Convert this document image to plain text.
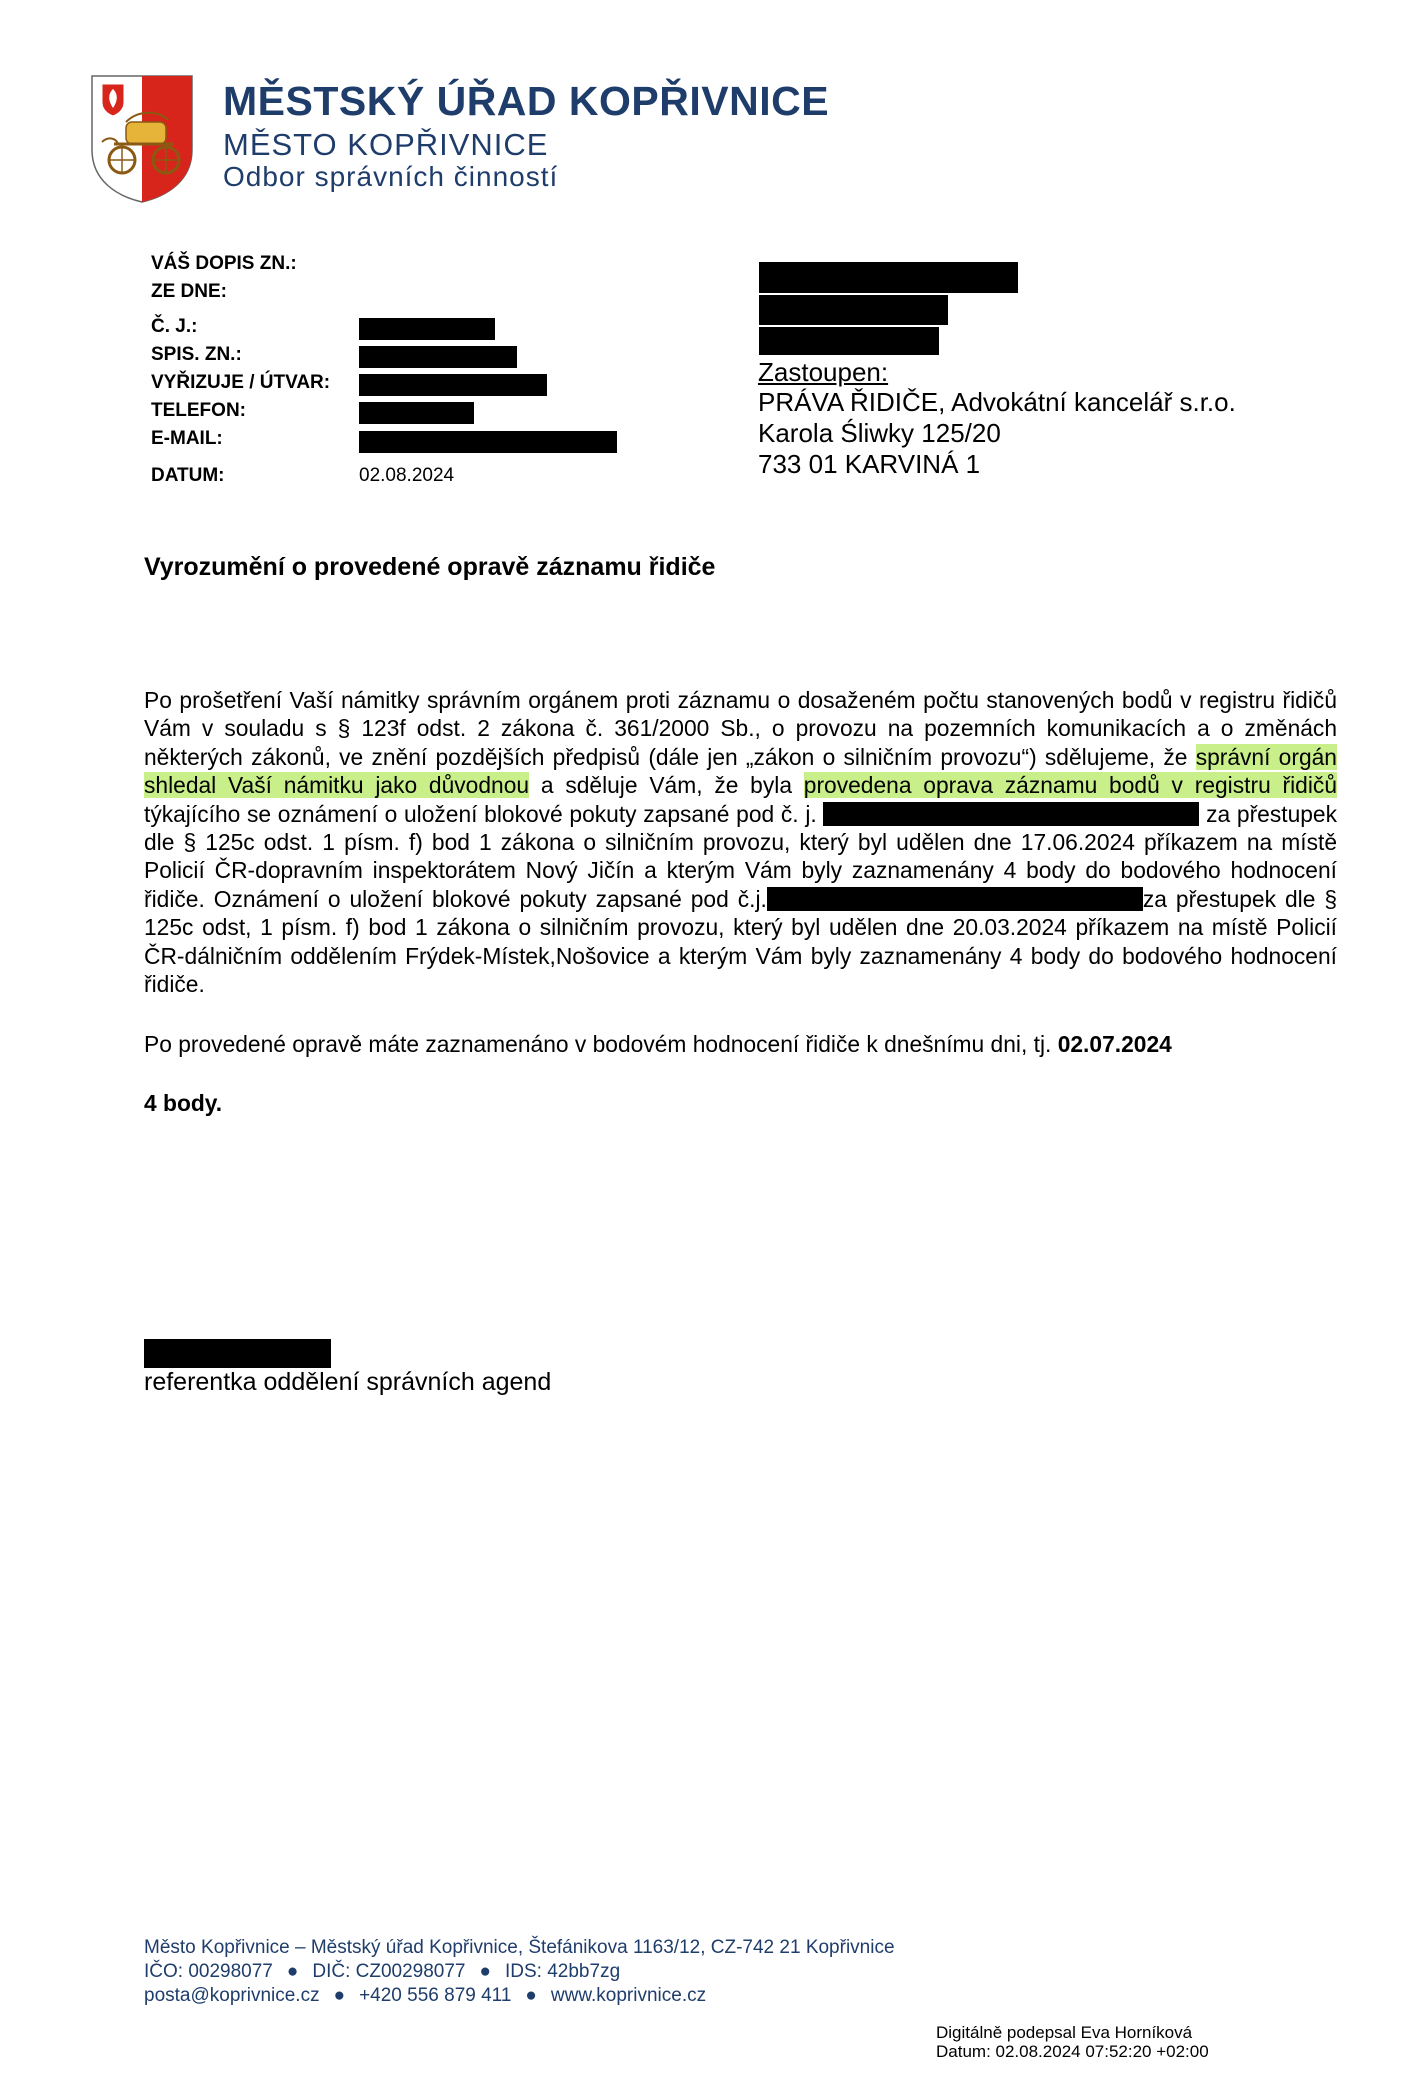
MĚSTSKÝ ÚŘAD KOPŘIVNICE
MĚSTO KOPŘIVNICE
Odbor správních činností
VÁŠ DOPIS ZN.:
ZE DNE:
Č. J.:
SPIS. ZN.:
VYŘIZUJE / ÚTVAR:
TELEFON:
E-MAIL:
DATUM:	02.08.2024
Zastoupen:
PRÁVA ŘIDIČE, Advokátní kancelář s.r.o.
Karola Śliwky 125/20
733 01 KARVINÁ 1
Vyrozumění o provedené opravě záznamu řidiče
Po prošetření Vaší námitky správním orgánem proti záznamu o dosaženém počtu stanovených bodů v registru řidičů Vám v souladu s § 123f odst. 2 zákona č. 361/2000 Sb., o provozu na pozemních komunikacích a o změnách některých zákonů, ve znění pozdějších předpisů (dále jen „zákon o silničním provozu“) sdělujeme, že správní orgán shledal Vaší námitku jako důvodnou a sděluje Vám, že byla provedena oprava záznamu bodů v registru řidičů týkajícího se oznámení o uložení blokové pokuty zapsané pod č. j.	za přestupek dle § 125c odst. 1 písm. f) bod 1 zákona o silničním provozu, který byl udělen dne 17.06.2024 příkazem na místě Policií ČR-dopravním inspektorátem Nový Jičín a kterým Vám byly zaznamenány 4 body do bodového hodnocení řidiče. Oznámení o uložení blokové pokuty zapsané pod č.j.	za přestupek dle § 125c odst, 1 písm. f) bod 1 zákona o silničním provozu, který byl udělen dne 20.03.2024 příkazem na místě Policií ČR-dálničním oddělením Frýdek-Místek,Nošovice a kterým Vám byly zaznamenány 4 body do bodového hodnocení řidiče.
Po provedené opravě máte zaznamenáno v bodovém hodnocení řidiče k dnešnímu dni, tj. 02.07.2024
4 body.
referentka oddělení správních agend
Město Kopřivnice – Městský úřad Kopřivnice, Štefánikova 1163/12, CZ-742 21 Kopřivnice
IČO: 00298077 ● DIČ: CZ00298077 ● IDS: 42bb7zg
posta@koprivnice.cz ● +420 556 879 411 ● www.koprivnice.cz
Digitálně podepsal Eva Horníková
Datum: 02.08.2024 07:52:20 +02:00
